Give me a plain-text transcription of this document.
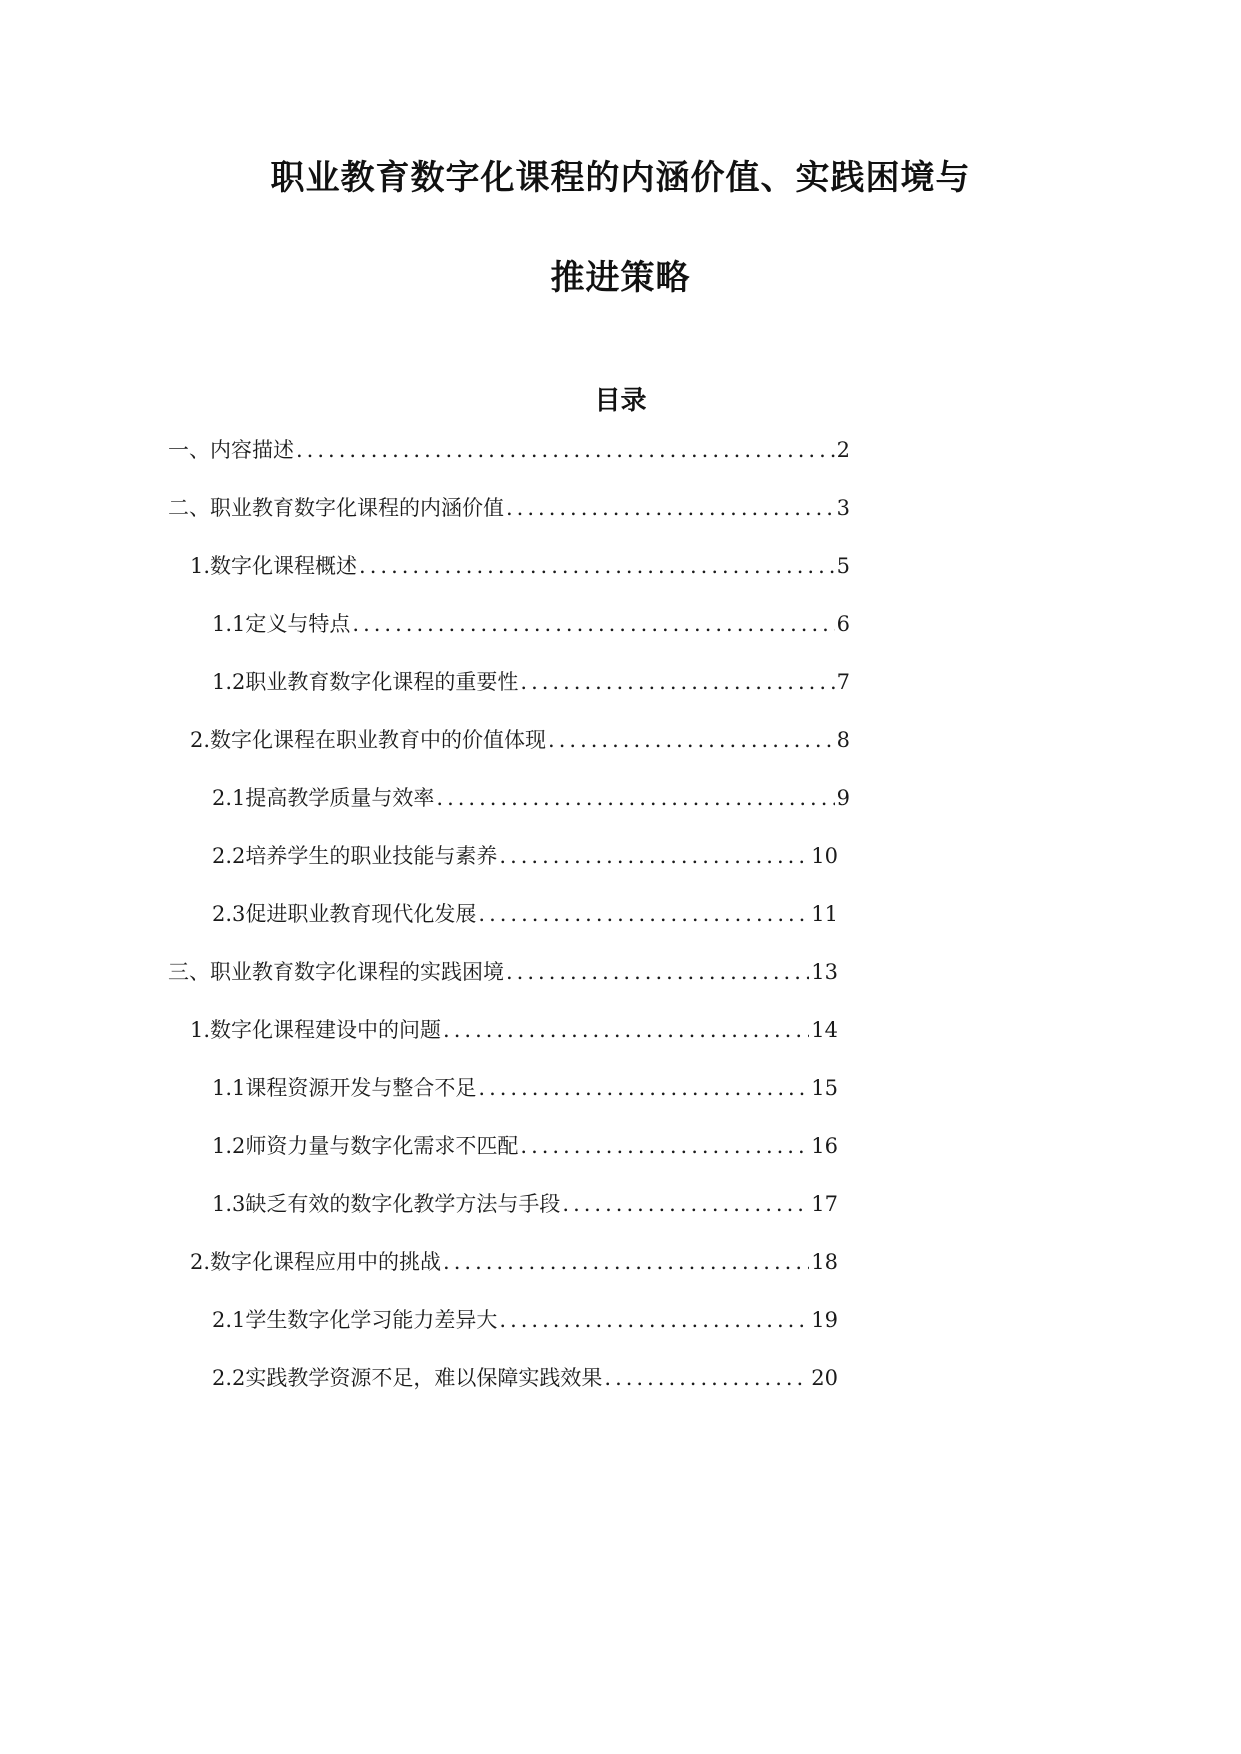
职业教育数字化课程的内涵价值、实践困境与
推进策略
目录
一、 内容描述 .....	2
二、 职业教育数字化课程的内涵价值 .....	3
1. 数字化课程概述 .....	5
1.1 定义与特点 .....	6
1.2 职业教育数字化课程的重要性 .....	7
2. 数字化课程在职业教育中的价值体现 .....	8
2.1 提高教学质量与效率 .....	9
2.2 培养学生的职业技能与素养 .....	10
2.3 促进职业教育现代化发展 .....	11
三、 职业教育数字化课程的实践困境 .....	13
1. 数字化课程建设中的问题 .....	14
1.1 课程资源开发与整合不足 .....	15
1.2 师资力量与数字化需求不匹配 .....	16
1.3 缺乏有效的数字化教学方法与手段 .....	17
2. 数字化课程应用中的挑战 .....	18
2.1 学生数字化学习能力差异大 .....	19
2.2 实践教学资源不足，难以保障实践效果 .....	20
